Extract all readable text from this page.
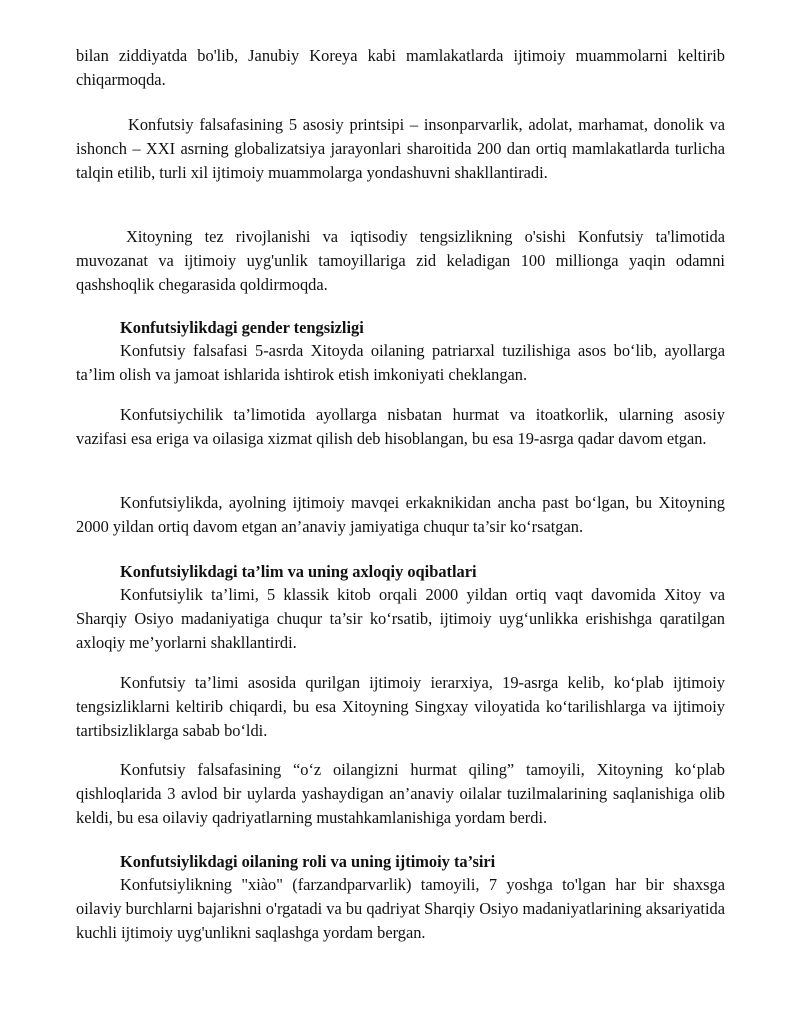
bilan ziddiyatda bo'lib, Janubiy Koreya kabi mamlakatlarda ijtimoiy muammolarni keltirib chiqarmoqda.

Konfutsiy falsafasining 5 asosiy printsipi – insonparvarlik, adolat, marhamat, donolik va ishonch – XXI asrning globalizatsiya jarayonlari sharoitida 200 dan ortiq mamlakatlarda turlicha talqin etilib, turli xil ijtimoiy muammolarga yondashuvni shakllantiradi.

Xitoyning tez rivojlanishi va iqtisodiy tengsizlikning o'sishi Konfutsiy ta'limotida muvozanat va ijtimoiy uyg'unlik tamoyillariga zid keladigan 100 millionga yaqin odamni qashshoqlik chegarasida qoldirmoqda.

Konfutsiylikdagi gender tengsizligi

Konfutsiy falsafasi 5-asrda Xitoyda oilaning patriarxal tuzilishiga asos bo‘lib, ayollarga ta’lim olish va jamoat ishlarida ishtirok etish imkoniyati cheklangan.

Konfutsiychilik ta’limotida ayollarga nisbatan hurmat va itoatkorlik, ularning asosiy vazifasi esa eriga va oilasiga xizmat qilish deb hisoblangan, bu esa 19-asrga qadar davom etgan.

Konfutsiylikda, ayolning ijtimoiy mavqei erkaknikidan ancha past bo‘lgan, bu Xitoyning 2000 yildan ortiq davom etgan an’anaviy jamiyatiga chuqur ta’sir ko‘rsatgan.

Konfutsiylikdagi ta’lim va uning axloqiy oqibatlari

Konfutsiylik ta’limi, 5 klassik kitob orqali 2000 yildan ortiq vaqt davomida Xitoy va Sharqiy Osiyo madaniyatiga chuqur ta’sir ko‘rsatib, ijtimoiy uyg‘unlikka erishishga qaratilgan axloqiy me’yorlarni shakllantirdi.

Konfutsiy ta’limi asosida qurilgan ijtimoiy ierarxiya, 19-asrga kelib, ko‘plab ijtimoiy tengsizliklarni keltirib chiqardi, bu esa Xitoyning Singxay viloyatida ko‘tarilishlarga va ijtimoiy tartibsizliklarga sabab bo‘ldi.

Konfutsiy falsafasining “o‘z oilangizni hurmat qiling” tamoyili, Xitoyning ko‘plab qishloqlarida 3 avlod bir uylarda yashaydigan an’anaviy oilalar tuzilmalarining saqlanishiga olib keldi, bu esa oilaviy qadriyatlarning mustahkamlanishiga yordam berdi.

Konfutsiylikdagi oilaning roli va uning ijtimoiy ta’siri

Konfutsiylikning "xiào" (farzandparvarlik) tamoyili, 7 yoshga to'lgan har bir shaxsga oilaviy burchlarni bajarishni o'rgatadi va bu qadriyat Sharqiy Osiyo madaniyatlarining aksariyatida kuchli ijtimoiy uyg'unlikni saqlashga yordam bergan.
